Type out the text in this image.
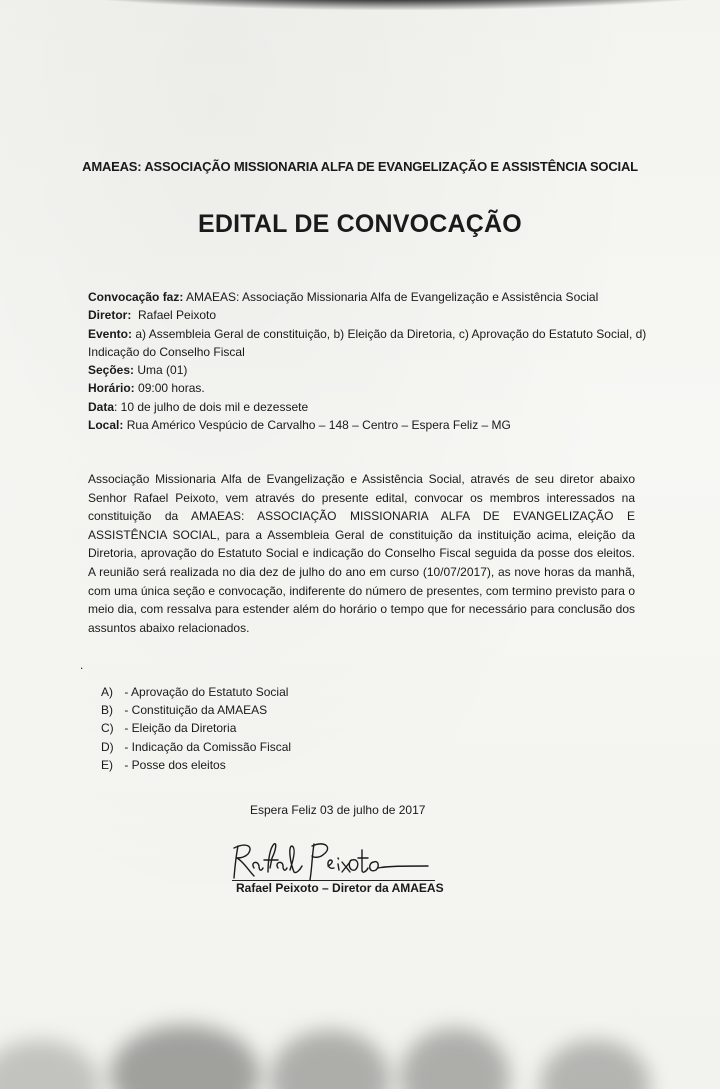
AMAEAS: ASSOCIAÇÃO MISSIONARIA ALFA DE EVANGELIZAÇÃO E ASSISTÊNCIA SOCIAL
EDITAL DE CONVOCAÇÃO
Convocação faz: AMAEAS: Associação Missionaria Alfa de Evangelização e Assistência Social
Diretor: Rafael Peixoto
Evento: a) Assembleia Geral de constituição, b) Eleição da Diretoria, c) Aprovação do Estatuto Social, d) Indicação do Conselho Fiscal
Seções: Uma (01)
Horário: 09:00 horas.
Data: 10 de julho de dois mil e dezessete
Local: Rua Américo Vespúcio de Carvalho – 148 – Centro – Espera Feliz – MG
Associação Missionaria Alfa de Evangelização e Assistência Social, através de seu diretor abaixo Senhor Rafael Peixoto, vem através do presente edital, convocar os membros interessados na constituição da AMAEAS: ASSOCIAÇÃO MISSIONARIA ALFA DE EVANGELIZAÇÃO E ASSISTÊNCIA SOCIAL, para a Assembleia Geral de constituição da instituição acima, eleição da Diretoria, aprovação do Estatuto Social e indicação do Conselho Fiscal seguida da posse dos eleitos. A reunião será realizada no dia dez de julho do ano em curso (10/07/2017), as nove horas da manhã, com uma única seção e convocação, indiferente do número de presentes, com termino previsto para o meio dia, com ressalva para estender além do horário o tempo que for necessário para conclusão dos assuntos abaixo relacionados.
.
A) - Aprovação do Estatuto Social
B) - Constituição da AMAEAS
C) - Eleição da Diretoria
D) - Indicação da Comissão Fiscal
E) - Posse dos eleitos
Espera Feliz 03 de julho de 2017
Rafael Peixoto – Diretor da AMAEAS
